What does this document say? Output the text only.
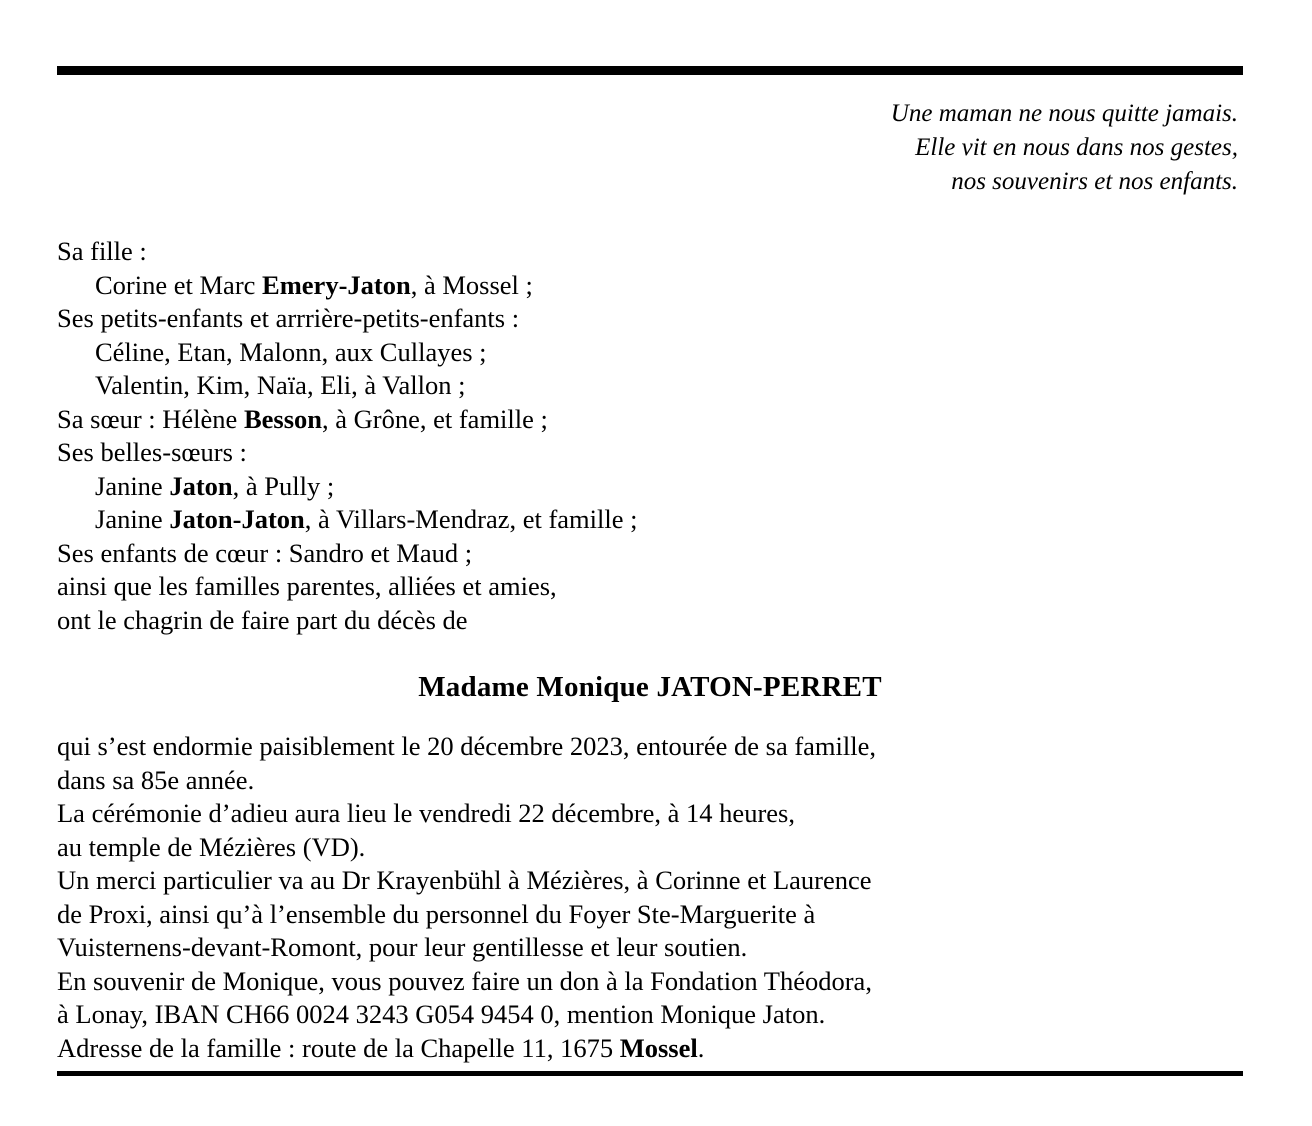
Une maman ne nous quitte jamais.
Elle vit en nous dans nos gestes,
nos souvenirs et nos enfants.
Sa fille :
Corine et Marc Emery-Jaton, à Mossel ;
Ses petits-enfants et arrrière-petits-enfants :
Céline, Etan, Malonn, aux Cullayes ;
Valentin, Kim, Naïa, Eli, à Vallon ;
Sa sœur : Hélène Besson, à Grône, et famille ;
Ses belles-sœurs :
Janine Jaton, à Pully ;
Janine Jaton-Jaton, à Villars-Mendraz, et famille ;
Ses enfants de cœur : Sandro et Maud ;
ainsi que les familles parentes, alliées et amies,
ont le chagrin de faire part du décès de
Madame Monique JATON-PERRET
qui s’est endormie paisiblement le 20 décembre 2023, entourée de sa famille,
dans sa 85e année.
La cérémonie d’adieu aura lieu le vendredi 22 décembre, à 14 heures,
au temple de Mézières (VD).
Un merci particulier va au Dr Krayenbühl à Mézières, à Corinne et Laurence
de Proxi, ainsi qu’à l’ensemble du personnel du Foyer Ste-Marguerite à
Vuisternens-devant-Romont, pour leur gentillesse et leur soutien.
En souvenir de Monique, vous pouvez faire un don à la Fondation Théodora,
à Lonay, IBAN CH66 0024 3243 G054 9454 0, mention Monique Jaton.
Adresse de la famille : route de la Chapelle 11, 1675 Mossel.
